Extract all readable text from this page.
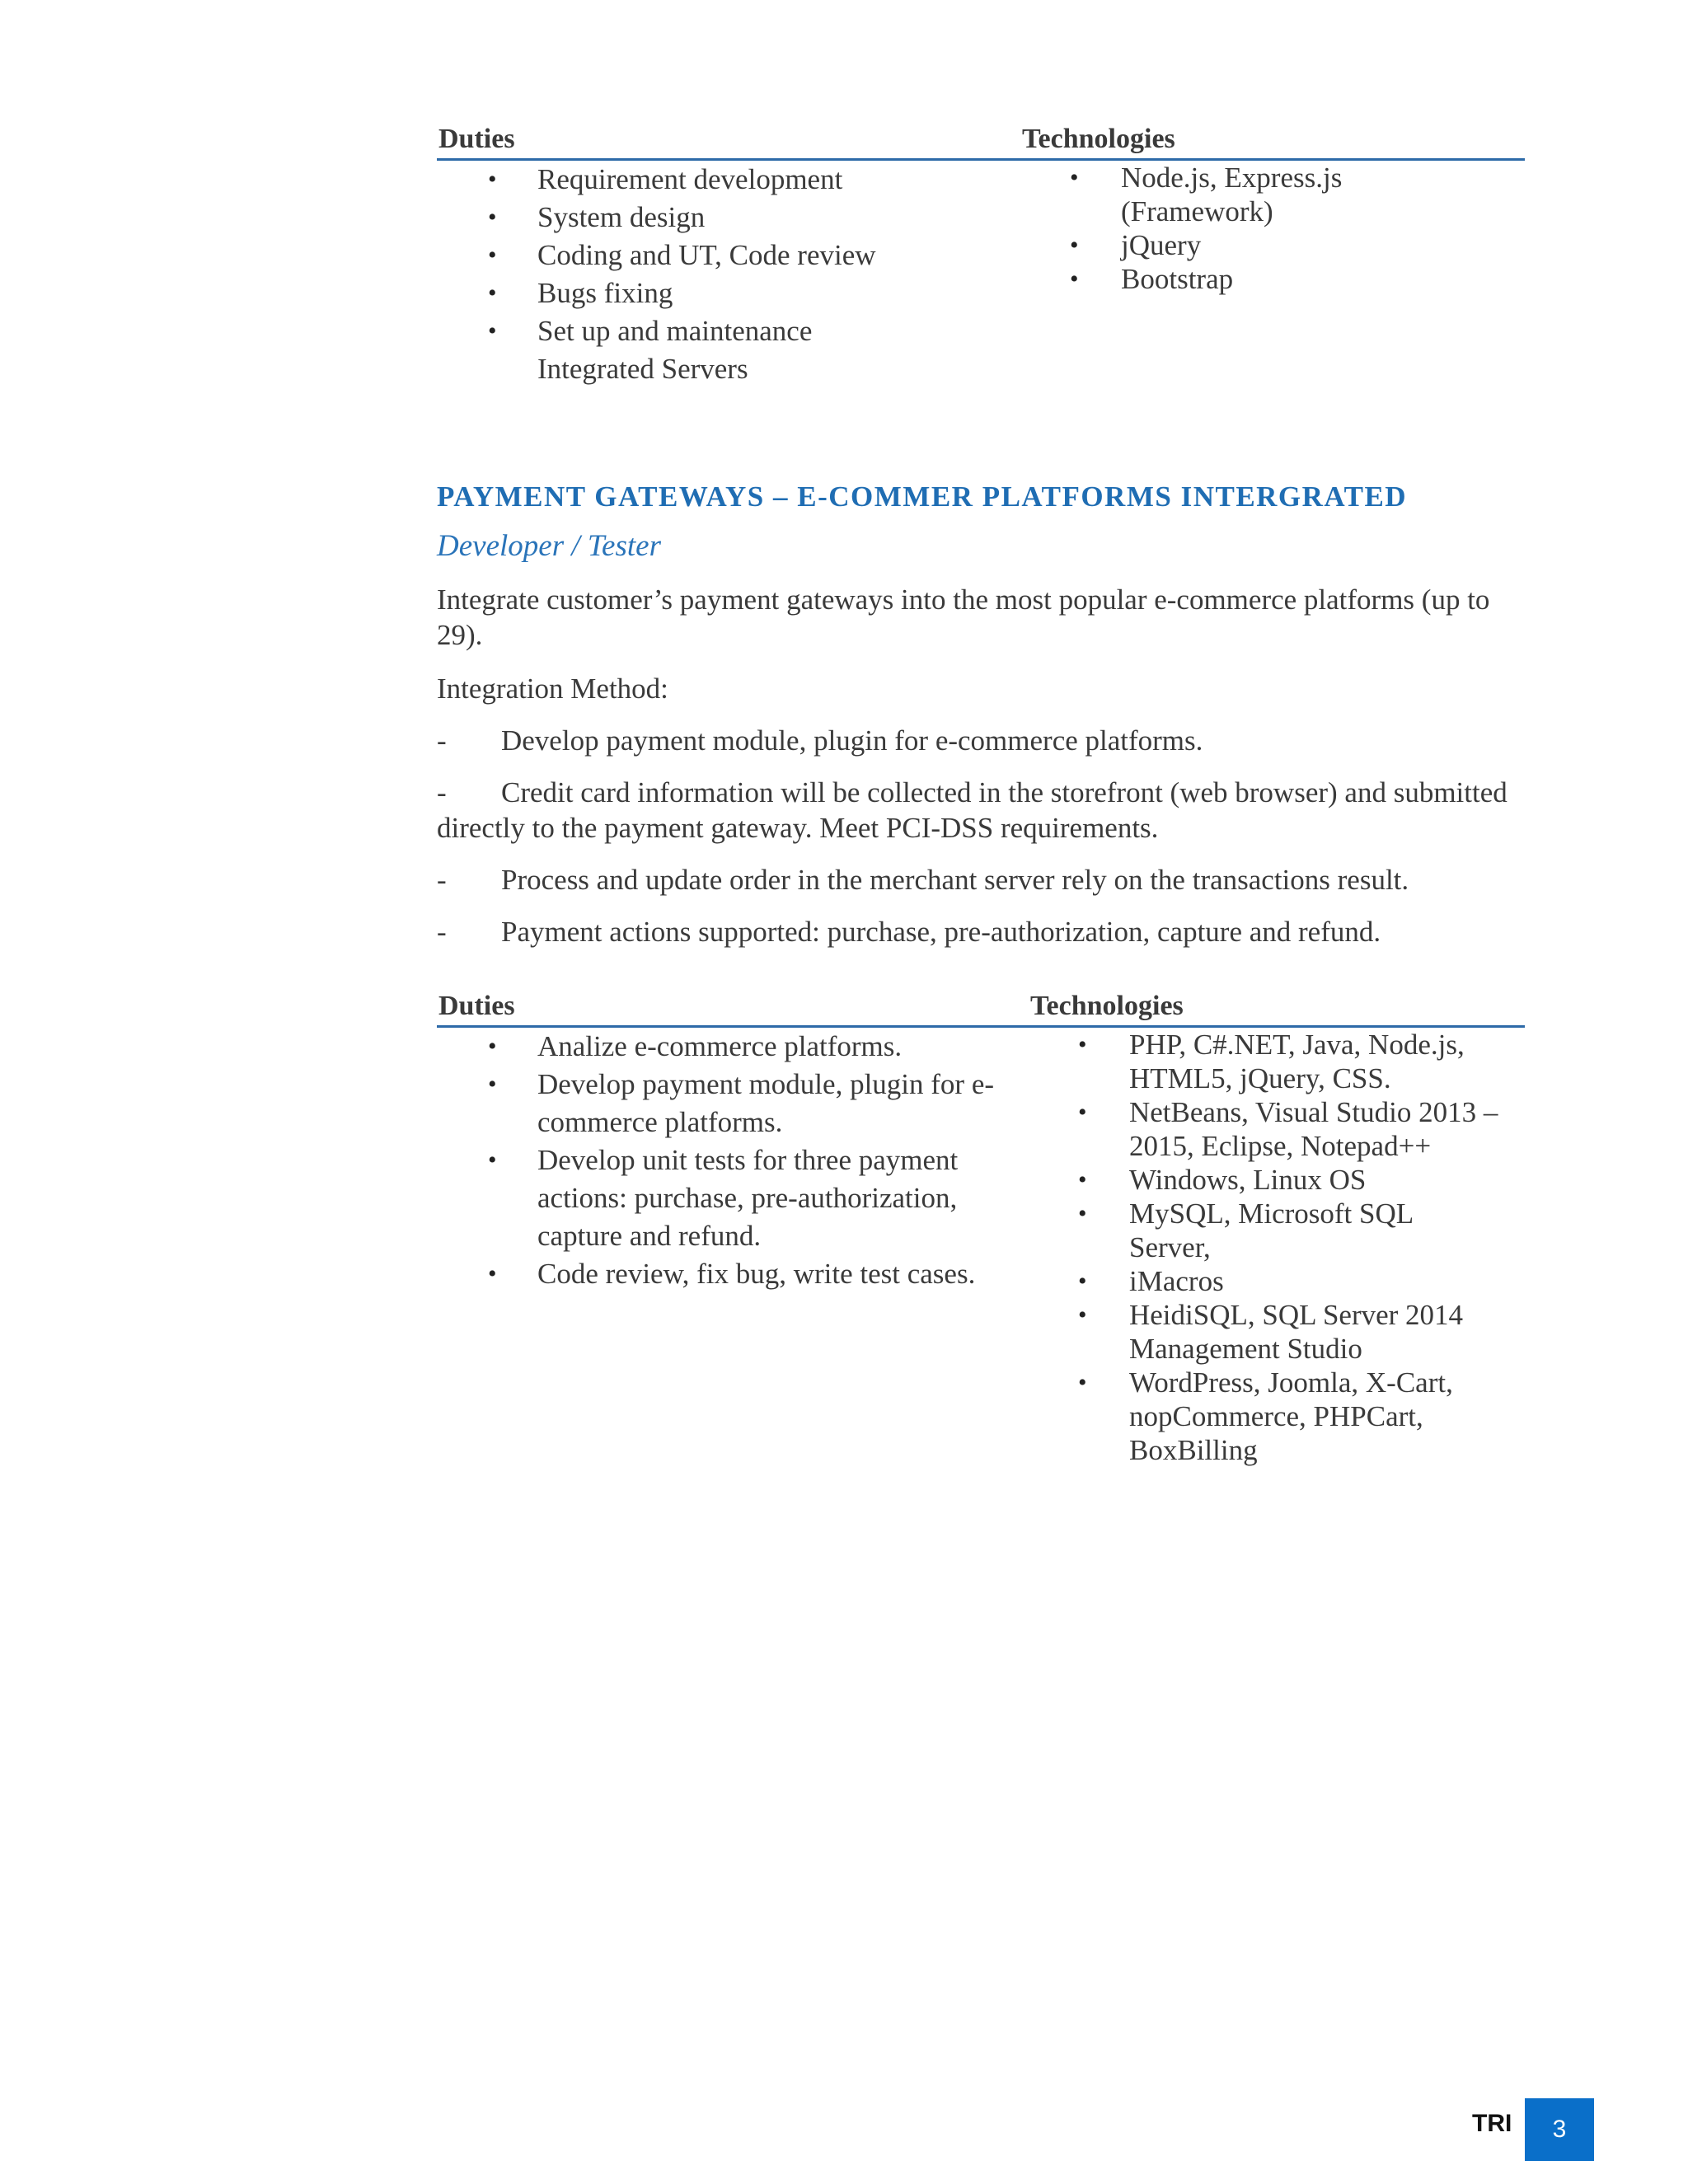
Duties	Technologies
• Requirement development
• System design
• Coding and UT, Code review
• Bugs fixing
• Set up and maintenance Integrated Servers
• Node.js, Express.js (Framework)
• jQuery
• Bootstrap
PAYMENT GATEWAYS – E-COMMER PLATFORMS INTERGRATED
Developer / Tester

Integrate customer’s payment gateways into the most popular e-commerce platforms (up to 29).

Integration Method:

- Develop payment module, plugin for e-commerce platforms.
- Credit card information will be collected in the storefront (web browser) and submitted directly to the payment gateway. Meet PCI-DSS requirements.
- Process and update order in the merchant server rely on the transactions result.
- Payment actions supported: purchase, pre-authorization, capture and refund.
Duties	Technologies
• Analize e-commerce platforms.
• Develop payment module, plugin for e-commerce platforms.
• Develop unit tests for three payment actions: purchase, pre-authorization, capture and refund.
• Code review, fix bug, write test cases.
• PHP, C#.NET, Java, Node.js, HTML5, jQuery, CSS.
• NetBeans, Visual Studio 2013 – 2015, Eclipse, Notepad++
• Windows, Linux OS
• MySQL, Microsoft SQL Server,
• iMacros
• HeidiSQL, SQL Server 2014 Management Studio
• WordPress, Joomla, X-Cart, nopCommerce, PHPCart, BoxBilling
TRI 3
